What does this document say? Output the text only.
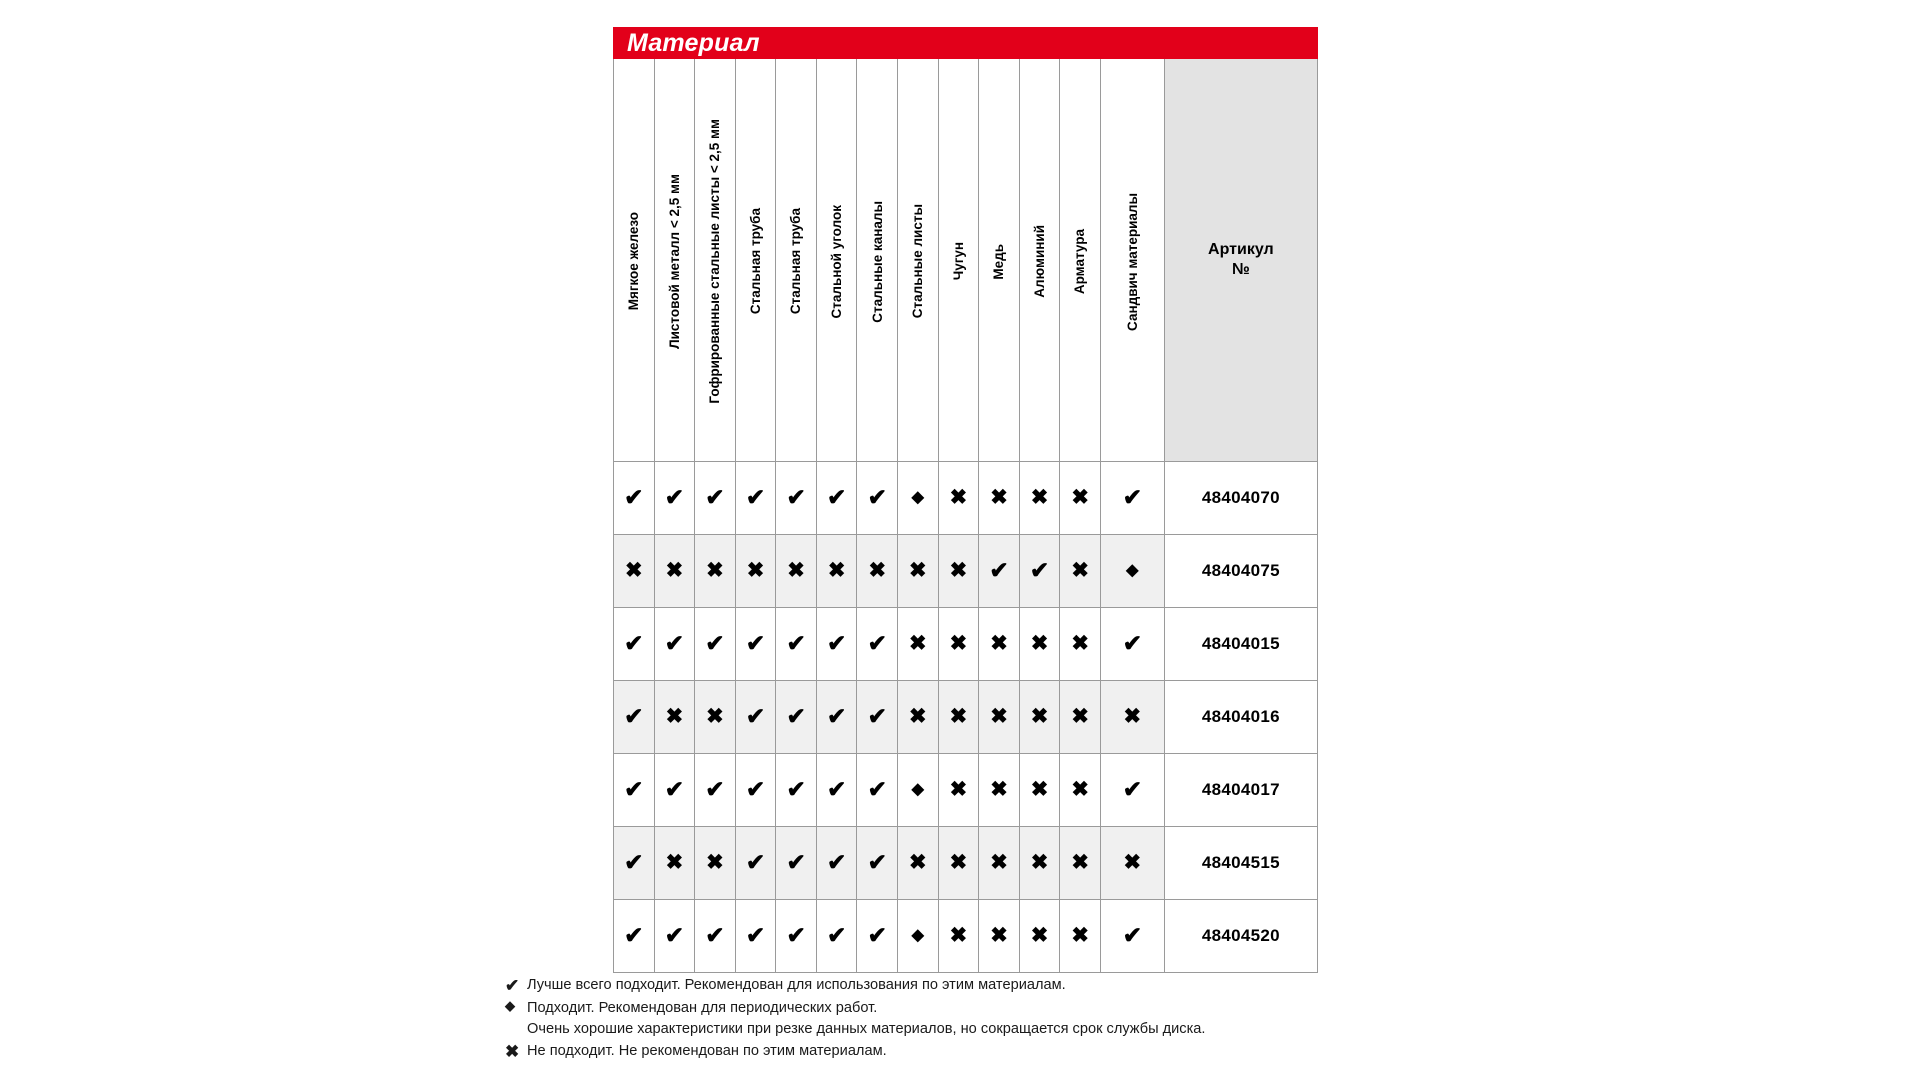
Материал
Мягкое железо	Листовой металл < 2,5 мм	Гофрированные стальные листы < 2,5 мм	Стальная труба	Стальная труба	Стальной уголок	Стальные каналы	Стальные листы	Чугун	Медь	Алюминий	Арматура	Сандвич материалы	Артикул
№

✔	✔	✔	✔	✔	✔	✔	◆	✖	✖	✖	✖	✔	48404070
✖	✖	✖	✖	✖	✖	✖	✖	✖	✔	✔	✖	◆	48404075
✔	✔	✔	✔	✔	✔	✔	✖	✖	✖	✖	✖	✔	48404015
✔	✖	✖	✔	✔	✔	✔	✖	✖	✖	✖	✖	✖	48404016
✔	✔	✔	✔	✔	✔	✔	◆	✖	✖	✖	✖	✔	48404017
✔	✖	✖	✔	✔	✔	✔	✖	✖	✖	✖	✖	✖	48404515
✔	✔	✔	✔	✔	✔	✔	◆	✖	✖	✖	✖	✔	48404520
✔ Лучше всего подходит. Рекомендован для использования по этим материалам.
◆ Подходит. Рекомендован для периодических работ.
Очень хорошие характеристики при резке данных материалов, но сокращается срок службы диска.
✖ Не подходит. Не рекомендован по этим материалам.
